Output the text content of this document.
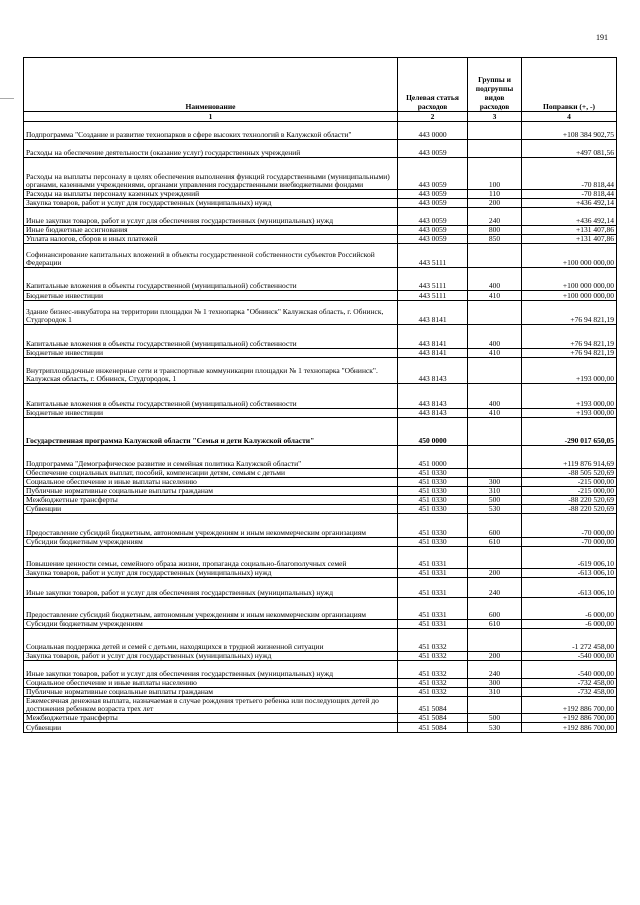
191
Наименование	Целевая статья расходов	Группы и подгруппы видов расходов	Поправки (+, -)
1	2	3	4
Подпрограмма "Создание и развитие технопарков в сфере высоких технологий в Калужской области"	443 0000		+108 384 902,75
Расходы на обеспечение деятельности (оказание услуг) государственных учреждений	443 0059		+497 081,56
Расходы на выплаты персоналу в целях обеспечения выполнения функций государственными (муниципальными) органами, казенными учреждениями, органами управления государственными внебюджетными фондами	443 0059	100	-70 818,44
Расходы на выплаты персоналу казенных учреждений	443 0059	110	-70 818,44
Закупка товаров, работ и услуг для государственных (муниципальных) нужд	443 0059	200	+436 492,14
Иные закупки товаров, работ и услуг для обеспечения государственных (муниципальных) нужд	443 0059	240	+436 492,14
Иные бюджетные ассигнования	443 0059	800	+131 407,86
Уплата налогов, сборов и иных платежей	443 0059	850	+131 407,86
Софинансирование капитальных вложений в объекты государственной собственности субъектов Российской Федерации	443 5111		+100 000 000,00
Капитальные вложения в объекты государственной (муниципальной) собственности	443 5111	400	+100 000 000,00
Бюджетные инвестиции	443 5111	410	+100 000 000,00
Здание бизнес-инкубатора на территории площадки № 1 технопарка "Обнинск" Калужская область, г. Обнинск, Студгородок 1	443 8141		+76 94 821,19
Капитальные вложения в объекты государственной (муниципальной) собственности	443 8141	400	+76 94 821,19
Бюджетные инвестиции	443 8141	410	+76 94 821,19
Внутриплощадочные инженерные сети и транспортные коммуникации площадки № 1 технопарка "Обнинск". Калужская область, г. Обнинск, Студгородок, 1	443 8143		+193 000,00
Капитальные вложения в объекты государственной (муниципальной) собственности	443 8143	400	+193 000,00
Бюджетные инвестиции	443 8143	410	+193 000,00
Государственная программа Калужской области "Семья и дети Калужской области"	450 0000		-290 017 650,05
Подпрограмма "Демографическое развитие и семейная политика Калужской области"	451 0000		+119 876 914,69
Обеспечение социальных выплат, пособий, компенсации детям, семьям с детьми	451 0330		-88 505 520,69
Социальное обеспечение и иные выплаты населению	451 0330	300	-215 000,00
Публичные нормативные социальные выплаты гражданам	451 0330	310	-215 000,00
Межбюджетные трансферты	451 0330	500	-88 220 520,69
Субвенции	451 0330	530	-88 220 520,69
Предоставление субсидий бюджетным, автономным учреждениям и иным некоммерческим организациям	451 0330	600	-70 000,00
Субсидии бюджетным учреждениям	451 0330	610	-70 000,00
Повышение ценности семьи, семейного образа жизни, пропаганда социально-благополучных семей	451 0331		-619 006,10
Закупка товаров, работ и услуг для государственных (муниципальных) нужд	451 0331	200	-613 006,10
Иные закупки товаров, работ и услуг для обеспечения государственных (муниципальных) нужд	451 0331	240	-613 006,10
Предоставление субсидий бюджетным, автономным учреждениям и иным некоммерческим организациям	451 0331	600	-6 000,00
Субсидии бюджетным учреждениям	451 0331	610	-6 000,00
Социальная поддержка детей и семей с детьми, находящихся в трудной жизненной ситуации	451 0332		-1 272 458,00
Закупка товаров, работ и услуг для государственных (муниципальных) нужд	451 0332	200	-540 000,00
Иные закупки товаров, работ и услуг для обеспечения государственных (муниципальных) нужд	451 0332	240	-540 000,00
Социальное обеспечение и иные выплаты населению	451 0332	300	-732 458,00
Публичные нормативные социальные выплаты гражданам	451 0332	310	-732 458,00
Ежемесячная денежная выплата, назначаемая в случае рождения третьего ребенка или последующих детей до достижения ребенком возраста трех лет	451 5084		+192 886 700,00
Межбюджетные трансферты	451 5084	500	+192 886 700,00
Субвенции	451 5084	530	+192 886 700,00
